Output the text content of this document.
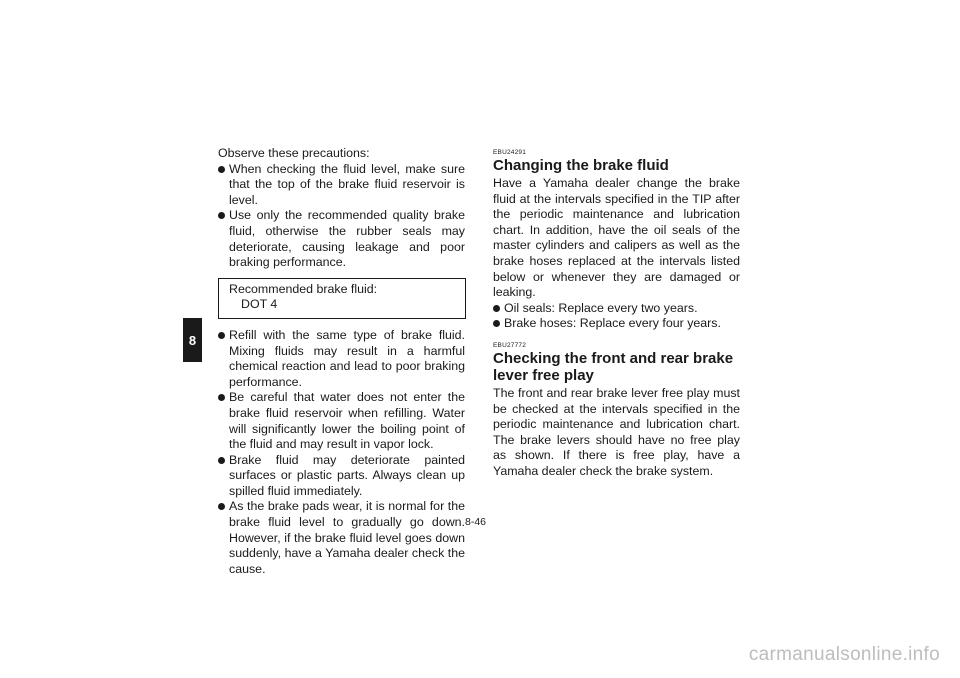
8

Observe these precautions:

When checking the fluid level, make sure that the top of the brake fluid reservoir is level.
Use only the recommended quality brake fluid, otherwise the rubber seals may deteriorate, causing leakage and poor braking performance.
Recommended brake fluid:
DOT 4
Refill with the same type of brake fluid. Mixing fluids may result in a harmful chemical reaction and lead to poor braking performance.
Be careful that water does not enter the brake fluid reservoir when refilling. Water will significantly lower the boiling point of the fluid and may result in vapor lock.
Brake fluid may deteriorate painted surfaces or plastic parts. Always clean up spilled fluid immediately.
As the brake pads wear, it is normal for the brake fluid level to gradually go down. However, if the brake fluid level goes down suddenly, have a Yamaha dealer check the cause.
EBU24291
Changing the brake fluid

Have a Yamaha dealer change the brake fluid at the intervals specified in the TIP after the periodic maintenance and lubrication chart. In addition, have the oil seals of the master cylinders and calipers as well as the brake hoses replaced at the intervals listed below or whenever they are damaged or leaking.

Oil seals: Replace every two years.
Brake hoses: Replace every four years.
EBU27772
Checking the front and rear brake lever free play

The front and rear brake lever free play must be checked at the intervals specified in the periodic maintenance and lubrication chart. The brake levers should have no free play as shown. If there is free play, have a Yamaha dealer check the brake system.

8-46
carmanualsonline.info
